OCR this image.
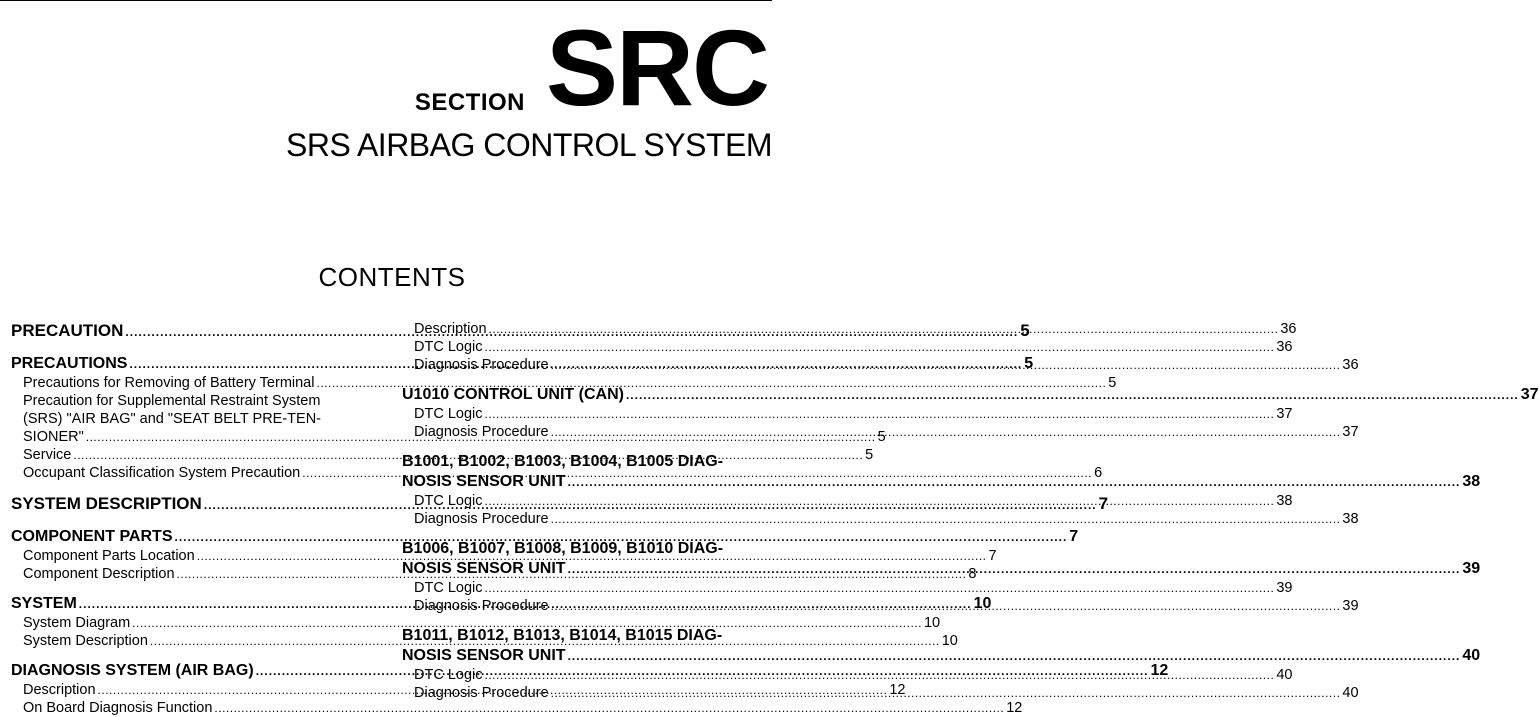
SECTION SRC
SRS AIRBAG CONTROL SYSTEM
CONTENTS
PRECAUTION .....	5
PRECAUTIONS .....	5
Precautions for Removing of Battery Terminal .....	5
Precaution for Supplemental Restraint System
(SRS) "AIR BAG" and "SEAT BELT PRE-TEN-
SIONER" .....	5
Service .....	5
Occupant Classification System Precaution .....	6
SYSTEM DESCRIPTION .....	7
COMPONENT PARTS .....	7
Component Parts Location .....	7
Component Description .....	8
SYSTEM .....	10
System Diagram .....	10
System Description .....	10
DIAGNOSIS SYSTEM (AIR BAG) .....	12
Description .....	12
On Board Diagnosis Function .....	12
Description .....	36
DTC Logic .....	36
Diagnosis Procedure .....	36
U1010 CONTROL UNIT (CAN) .....	37
DTC Logic .....	37
Diagnosis Procedure .....	37
B1001, B1002, B1003, B1004, B1005 DIAG-
NOSIS SENSOR UNIT .....	38
DTC Logic .....	38
Diagnosis Procedure .....	38
B1006, B1007, B1008, B1009, B1010 DIAG-
NOSIS SENSOR UNIT .....	39
DTC Logic .....	39
Diagnosis Procedure .....	39
B1011, B1012, B1013, B1014, B1015 DIAG-
NOSIS SENSOR UNIT .....	40
DTC Logic .....	40
Diagnosis Procedure .....	40
